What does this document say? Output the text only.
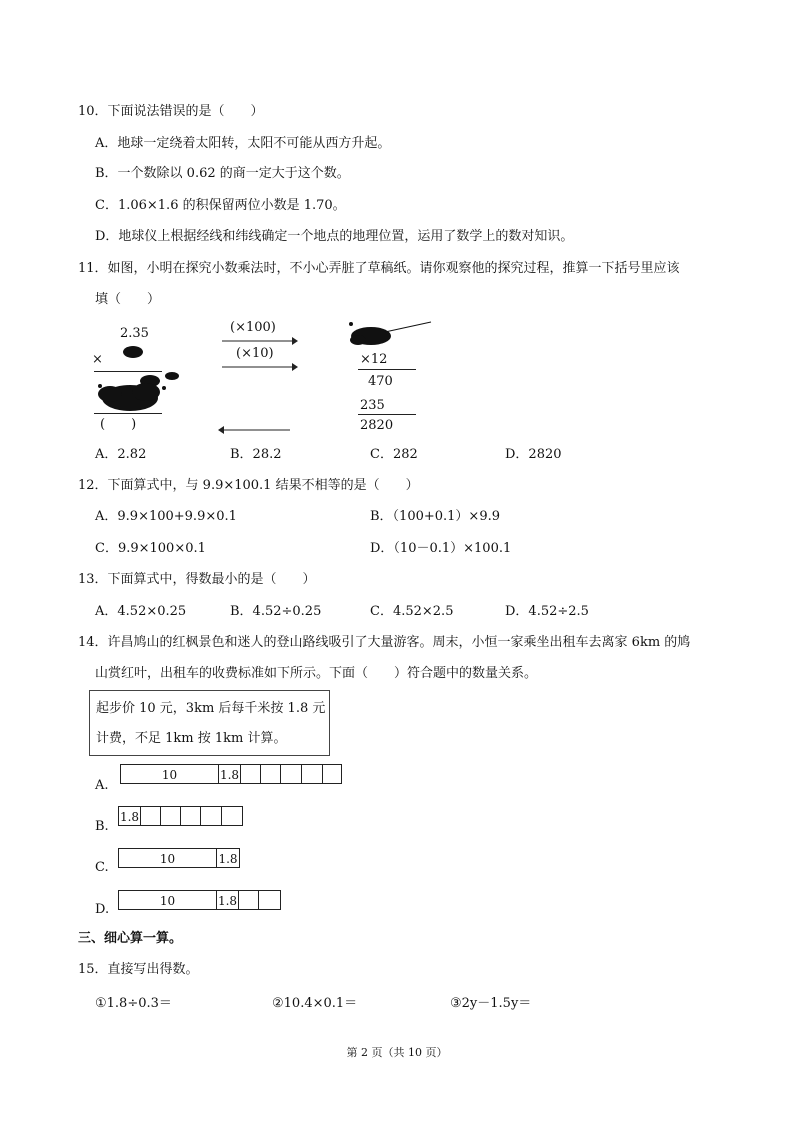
10．下面说法错误的是（　　）
A．地球一定绕着太阳转，太阳不可能从西方升起。
B．一个数除以 0.62 的商一定大于这个数。
C．1.06×1.6 的积保留两位小数是 1.70。
D．地球仪上根据经线和纬线确定一个地点的地理位置，运用了数学上的数对知识。
11．如图，小明在探究小数乘法时，不小心弄脏了草稿纸。请你观察他的探究过程，推算一下括号里应该
填（　　）
2.35
×
(　　)
(×100)
(×10)	×12
470
235
2820
A．2.82	B．28.2	C．282	D．2820
12．下面算式中，与 9.9×100.1 结果不相等的是（　　）
A．9.9×100+9.9×0.1	B．（100+0.1）×9.9
C．9.9×100×0.1	D．（10－0.1）×100.1
13．下面算式中，得数最小的是（　　）
A．4.52×0.25	B．4.52÷0.25	C．4.52×2.5	D．4.52÷2.5
14．许昌鸠山的红枫景色和迷人的登山路线吸引了大量游客。周末，小恒一家乘坐出租车去离家 6km 的鸠
山赏红叶，出租车的收费标准如下所示。下面（　　）符合题中的数量关系。
起步价 10 元，3km 后每千米按 1.8 元
计费，不足 1km 按 1km 计算。
A.
10	1.8
B.
1.8
C.
10	1.8
D.
10	1.8
三、细心算一算。
15．直接写出得数。
①1.8÷0.3＝	②10.4×0.1＝	③2y－1.5y＝
第 2 页（共 10 页）
